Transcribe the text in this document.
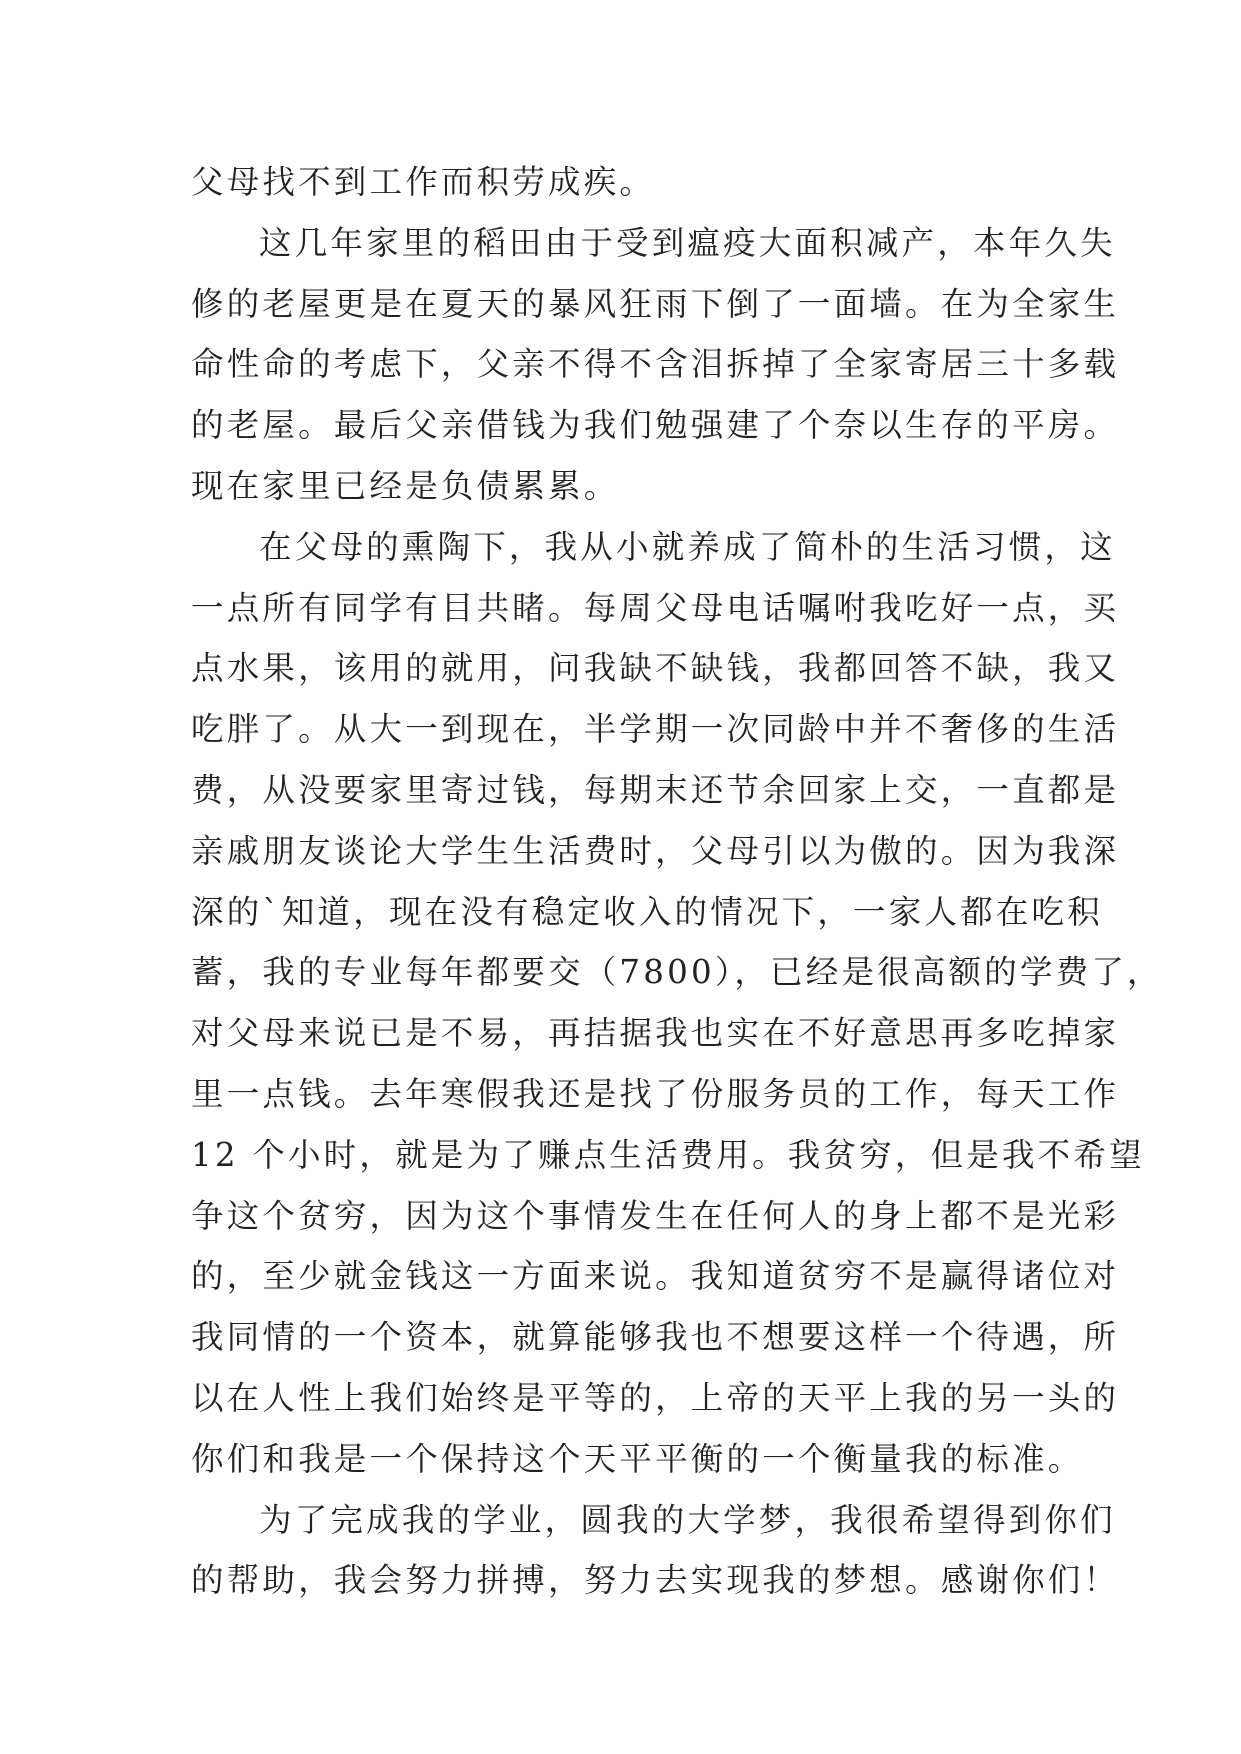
父母找不到工作而积劳成疾。
这几年家里的稻田由于受到瘟疫大面积减产，本年久失
修的老屋更是在夏天的暴风狂雨下倒了一面墙。在为全家生
命性命的考虑下，父亲不得不含泪拆掉了全家寄居三十多载
的老屋。最后父亲借钱为我们勉强建了个奈以生存的平房。
现在家里已经是负债累累。
在父母的熏陶下，我从小就养成了简朴的生活习惯，这
一点所有同学有目共睹。每周父母电话嘱咐我吃好一点，买
点水果，该用的就用，问我缺不缺钱，我都回答不缺，我又
吃胖了。从大一到现在，半学期一次同龄中并不奢侈的生活
费，从没要家里寄过钱，每期末还节余回家上交，一直都是
亲戚朋友谈论大学生生活费时，父母引以为傲的。因为我深
深的`知道，现在没有稳定收入的情况下，一家人都在吃积
蓄，我的专业每年都要交（7800），已经是很高额的学费了，
对父母来说已是不易，再拮据我也实在不好意思再多吃掉家
里一点钱。去年寒假我还是找了份服务员的工作，每天工作
12 个小时，就是为了赚点生活费用。我贫穷，但是我不希望
争这个贫穷，因为这个事情发生在任何人的身上都不是光彩
的，至少就金钱这一方面来说。我知道贫穷不是赢得诸位对
我同情的一个资本，就算能够我也不想要这样一个待遇，所
以在人性上我们始终是平等的，上帝的天平上我的另一头的
你们和我是一个保持这个天平平衡的一个衡量我的标准。
为了完成我的学业，圆我的大学梦，我很希望得到你们
的帮助，我会努力拼搏，努力去实现我的梦想。感谢你们！
